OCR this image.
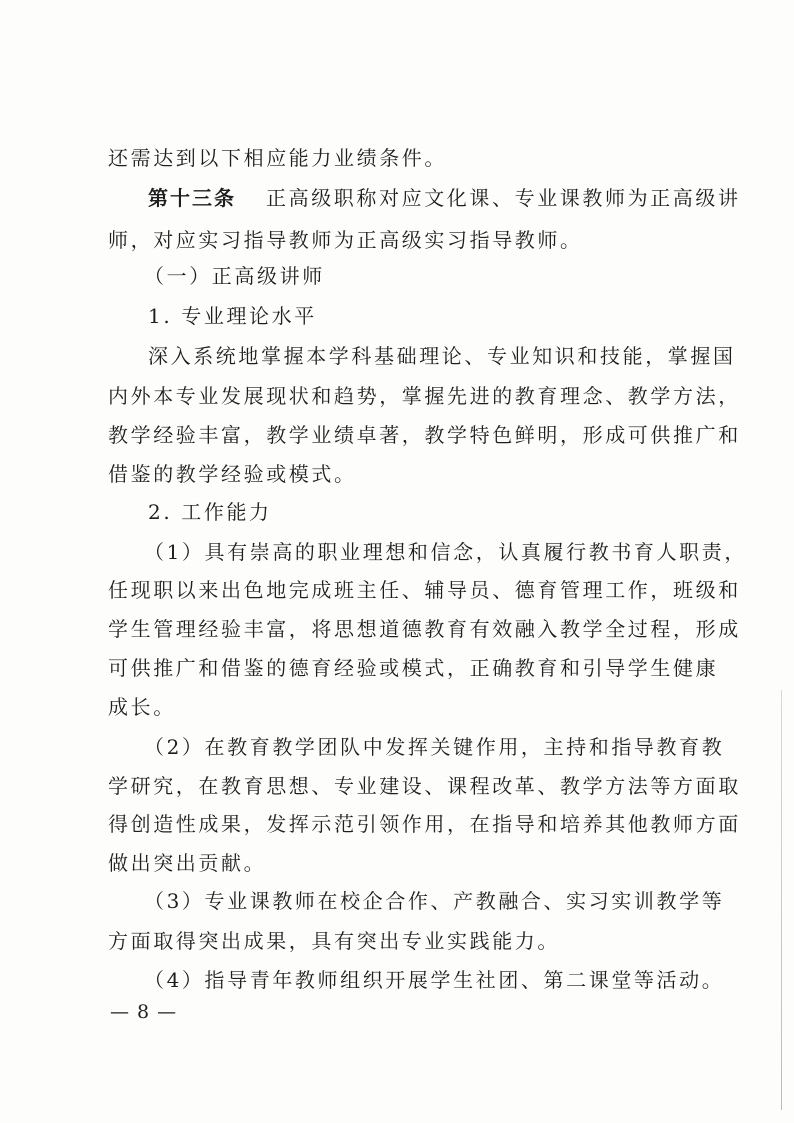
还需达到以下相应能力业绩条件。
第十三条 正高级职称对应文化课、专业课教师为正高级讲
师，对应实习指导教师为正高级实习指导教师。
（一）正高级讲师
1. 专业理论水平
深入系统地掌握本学科基础理论、专业知识和技能，掌握国
内外本专业发展现状和趋势，掌握先进的教育理念、教学方法，
教学经验丰富，教学业绩卓著，教学特色鲜明，形成可供推广和
借鉴的教学经验或模式。
2. 工作能力
（1）具有崇高的职业理想和信念，认真履行教书育人职责，
任现职以来出色地完成班主任、辅导员、德育管理工作，班级和
学生管理经验丰富，将思想道德教育有效融入教学全过程，形成
可供推广和借鉴的德育经验或模式，正确教育和引导学生健康
成长。
（2）在教育教学团队中发挥关键作用，主持和指导教育教
学研究，在教育思想、专业建设、课程改革、教学方法等方面取
得创造性成果，发挥示范引领作用，在指导和培养其他教师方面
做出突出贡献。
（3）专业课教师在校企合作、产教融合、实习实训教学等
方面取得突出成果，具有突出专业实践能力。
（4）指导青年教师组织开展学生社团、第二课堂等活动。
— 8 —
